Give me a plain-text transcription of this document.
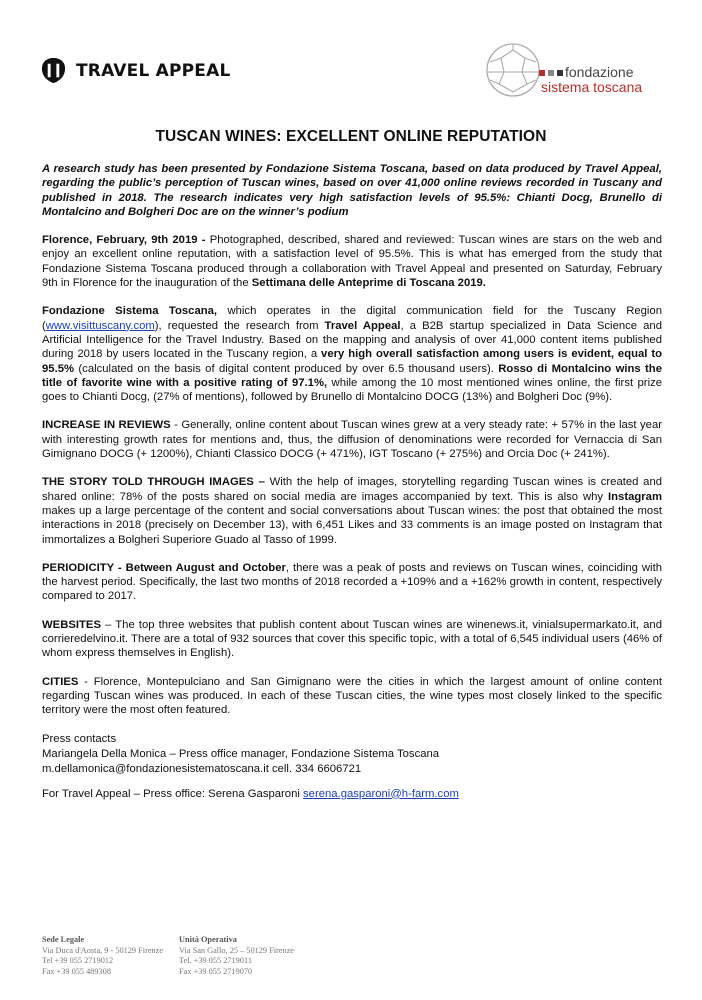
TRAVEL APPEAL	fondazione
sistema toscana
TUSCAN WINES: EXCELLENT ONLINE REPUTATION

A research study has been presented by Fondazione Sistema Toscana, based on data produced by Travel Appeal, regarding the public’s perception of Tuscan wines, based on over 41,000 online reviews recorded in Tuscany and published in 2018. The research indicates very high satisfaction levels of 95.5%: Chianti Docg, Brunello di Montalcino and Bolgheri Doc are on the winner’s podium

Florence, February, 9th 2019 - Photographed, described, shared and reviewed: Tuscan wines are stars on the web and enjoy an excellent online reputation, with a satisfaction level of 95.5%. This is what has emerged from the study that Fondazione Sistema Toscana produced through a collaboration with Travel Appeal and presented on Saturday, February 9th in Florence for the inauguration of the Settimana delle Anteprime di Toscana 2019.

Fondazione Sistema Toscana, which operates in the digital communication field for the Tuscany Region (www.visittuscany.com), requested the research from Travel Appeal, a B2B startup specialized in Data Science and Artificial Intelligence for the Travel Industry. Based on the mapping and analysis of over 41,000 content items published during 2018 by users located in the Tuscany region, a very high overall satisfaction among users is evident, equal to 95.5% (calculated on the basis of digital content produced by over 6.5 thousand users). Rosso di Montalcino wins the title of favorite wine with a positive rating of 97.1%, while among the 10 most mentioned wines online, the first prize goes to Chianti Docg, (27% of mentions), followed by Brunello di Montalcino DOCG (13%) and Bolgheri Doc (9%).

INCREASE IN REVIEWS - Generally, online content about Tuscan wines grew at a very steady rate: + 57% in the last year with interesting growth rates for mentions and, thus, the diffusion of denominations were recorded for Vernaccia di San Gimignano DOCG (+ 1200%), Chianti Classico DOCG (+ 471%), IGT Toscano (+ 275%) and Orcia Doc (+ 241%).

THE STORY TOLD THROUGH IMAGES – With the help of images, storytelling regarding Tuscan wines is created and shared online: 78% of the posts shared on social media are images accompanied by text. This is also why Instagram makes up a large percentage of the content and social conversations about Tuscan wines: the post that obtained the most interactions in 2018 (precisely on December 13), with 6,451 Likes and 33 comments is an image posted on Instagram that immortalizes a Bolgheri Superiore Guado al Tasso of 1999.

PERIODICITY - Between August and October, there was a peak of posts and reviews on Tuscan wines, coinciding with the harvest period. Specifically, the last two months of 2018 recorded a +109% and a +162% growth in content, respectively compared to 2017.

WEBSITES – The top three websites that publish content about Tuscan wines are winenews.it, vinialsupermarkato.it, and corrieredelvino.it. There are a total of 932 sources that cover this specific topic, with a total of 6,545 individual users (46% of whom express themselves in English).

CITIES - Florence, Montepulciano and San Gimignano were the cities in which the largest amount of online content regarding Tuscan wines was produced. In each of these Tuscan cities, the wine types most closely linked to the specific territory were the most often featured.

Press contacts
Mariangela Della Monica – Press office manager, Fondazione Sistema Toscana
m.dellamonica@fondazionesistematoscana.it cell. 334 6606721
For Travel Appeal – Press office: Serena Gasparoni serena.gasparoni@h-farm.com
Sede Legale
Via Duca d'Aosta, 9 - 50129 Firenze
Tel +39 055 2719012
Fax +39 055 489308
Unità Operativa
Via San Gallo, 25 – 50129 Firenze
Tel. +39 055 2719011
Fax +39 055 2719070
